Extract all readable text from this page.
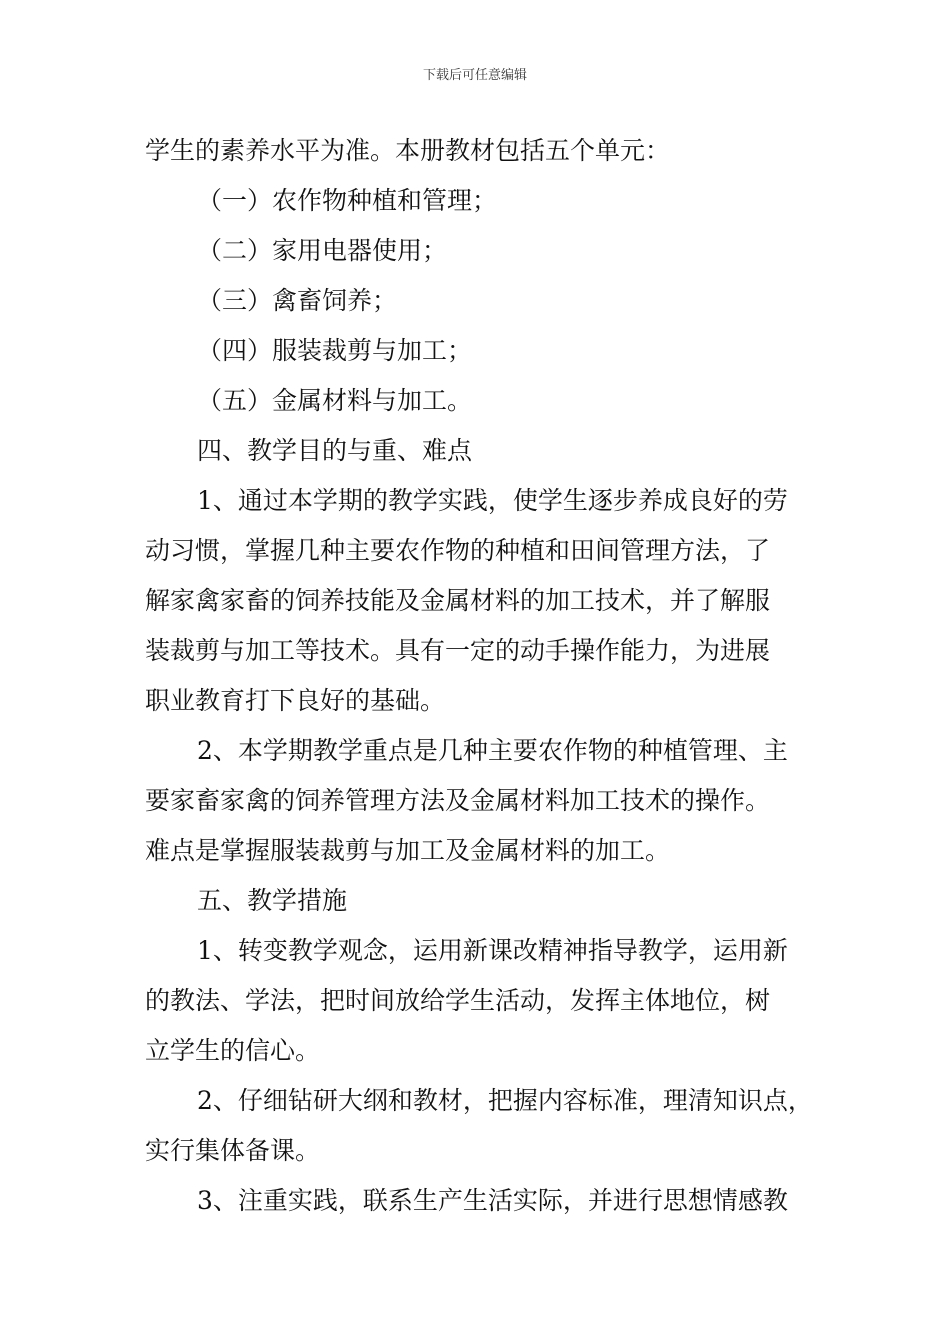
下载后可任意编辑
学生的素养水平为准。本册教材包括五个单元：
（一）农作物种植和管理；
（二）家用电器使用；
（三）禽畜饲养；
（四）服装裁剪与加工；
（五）金属材料与加工。
四、教学目的与重、难点
1、通过本学期的教学实践，使学生逐步养成良好的劳
动习惯，掌握几种主要农作物的种植和田间管理方法，了
解家禽家畜的饲养技能及金属材料的加工技术，并了解服
装裁剪与加工等技术。具有一定的动手操作能力，为进展
职业教育打下良好的基础。
2、本学期教学重点是几种主要农作物的种植管理、主
要家畜家禽的饲养管理方法及金属材料加工技术的操作。
难点是掌握服装裁剪与加工及金属材料的加工。
五、教学措施
1、转变教学观念，运用新课改精神指导教学，运用新
的教法、学法，把时间放给学生活动，发挥主体地位，树
立学生的信心。
2、仔细钻研大纲和教材，把握内容标准，理清知识点，
实行集体备课。
3、注重实践，联系生产生活实际，并进行思想情感教
